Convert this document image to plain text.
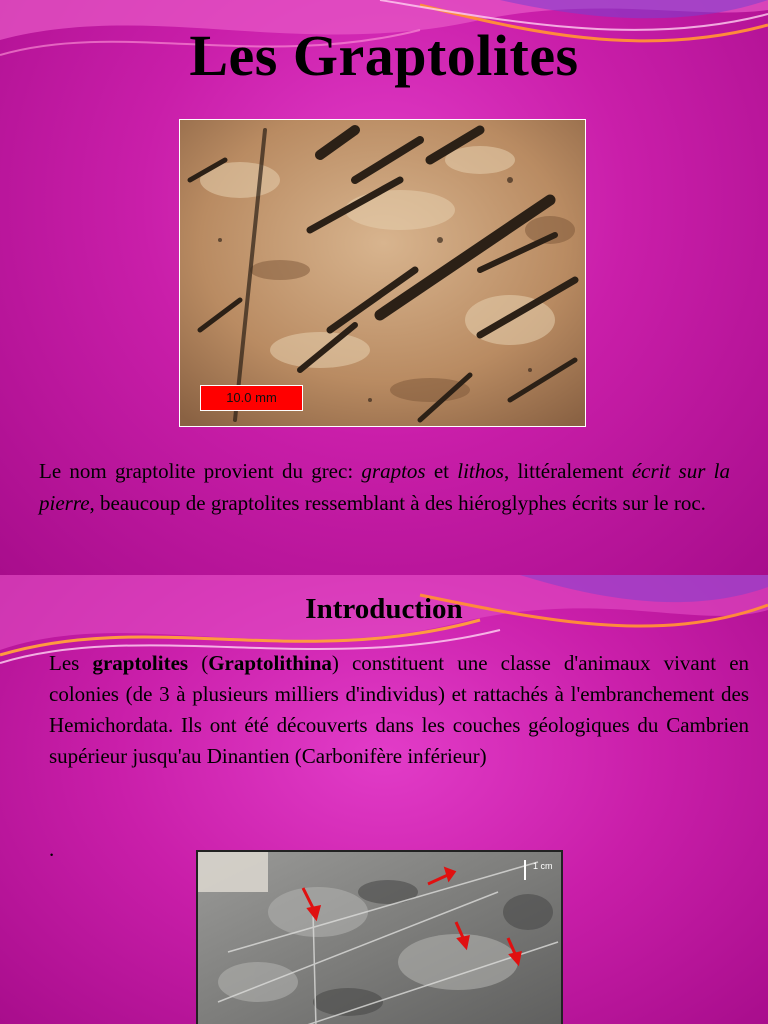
Les Graptolites
10.0 mm

Le nom graptolite provient du grec: graptos et lithos, littéralement écrit sur la pierre, beaucoup de graptolites ressemblant à des hiéroglyphes écrits sur le roc.

Introduction

Les graptolites (Graptolithina) constituent une classe d'animaux vivant en colonies (de 3 à plusieurs milliers d'individus) et rattachés à l'embranchement des Hemichordata. Ils ont été découverts dans les couches géologiques du Cambrien supérieur jusqu'au Dinantien (Carbonifère inférieur)

.
1 cm
